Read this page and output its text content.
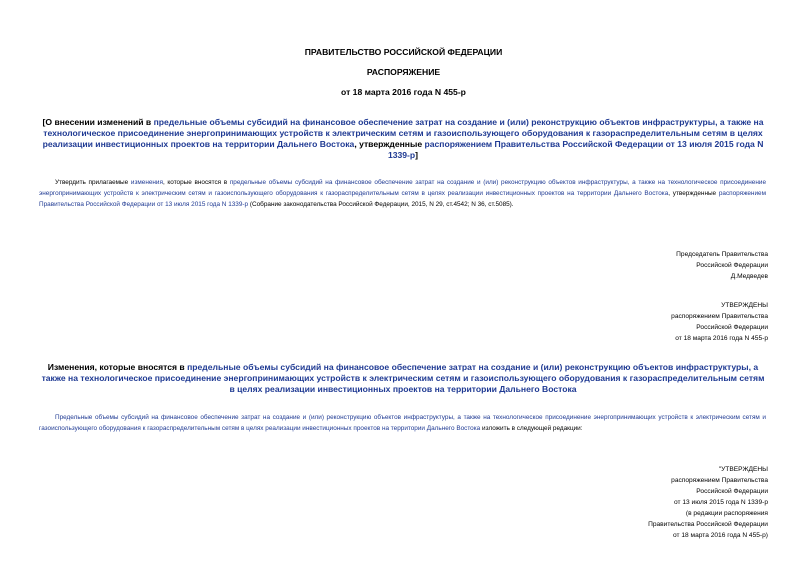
ПРАВИТЕЛЬСТВО РОССИЙСКОЙ ФЕДЕРАЦИИ
РАСПОРЯЖЕНИЕ
от 18 марта 2016 года N 455-р
[О внесении изменений в предельные объемы субсидий на финансовое обеспечение затрат на создание и (или) реконструкцию объектов инфраструктуры, а также на технологическое присоединение энергопринимающих устройств к электрическим сетям и газоиспользующего оборудования к газораспределительным сетям в целях реализации инвестиционных проектов на территории Дальнего Востока, утвержденные распоряжением Правительства Российской Федерации от 13 июля 2015 года N 1339-р]
Утвердить прилагаемые изменения, которые вносятся в предельные объемы субсидий на финансовое обеспечение затрат на создание и (или) реконструкцию объектов инфраструктуры, а также на технологическое присоединение энергопринимающих устройств к электрическим сетям и газоиспользующего оборудования к газораспределительным сетям в целях реализации инвестиционных проектов на территории Дальнего Востока, утвержденные распоряжением Правительства Российской Федерации от 13 июля 2015 года N 1339-р (Собрание законодательства Российской Федерации, 2015, N 29, ст.4542; N 36, ст.5085).
Председатель Правительства
Российской Федерации
Д.Медведев
УТВЕРЖДЕНЫ
распоряжением Правительства
Российской Федерации
от 18 марта 2016 года N 455-р
Изменения, которые вносятся в предельные объемы субсидий на финансовое обеспечение затрат на создание и (или) реконструкцию объектов инфраструктуры, а также на технологическое присоединение энергопринимающих устройств к электрическим сетям и газоиспользующего оборудования к газораспределительным сетям в целях реализации инвестиционных проектов на территории Дальнего Востока
Предельные объемы субсидий на финансовое обеспечение затрат на создание и (или) реконструкцию объектов инфраструктуры, а также на технологическое присоединение энергопринимающих устройств к электрическим сетям и газоиспользующего оборудования к газораспределительным сетям в целях реализации инвестиционных проектов на территории Дальнего Востока изложить в следующей редакции:
"УТВЕРЖДЕНЫ
распоряжением Правительства
Российской Федерации
от 13 июля 2015 года N 1339-р
(в редакции распоряжения
Правительства Российской Федерации
от 18 марта 2016 года N 455-р)
